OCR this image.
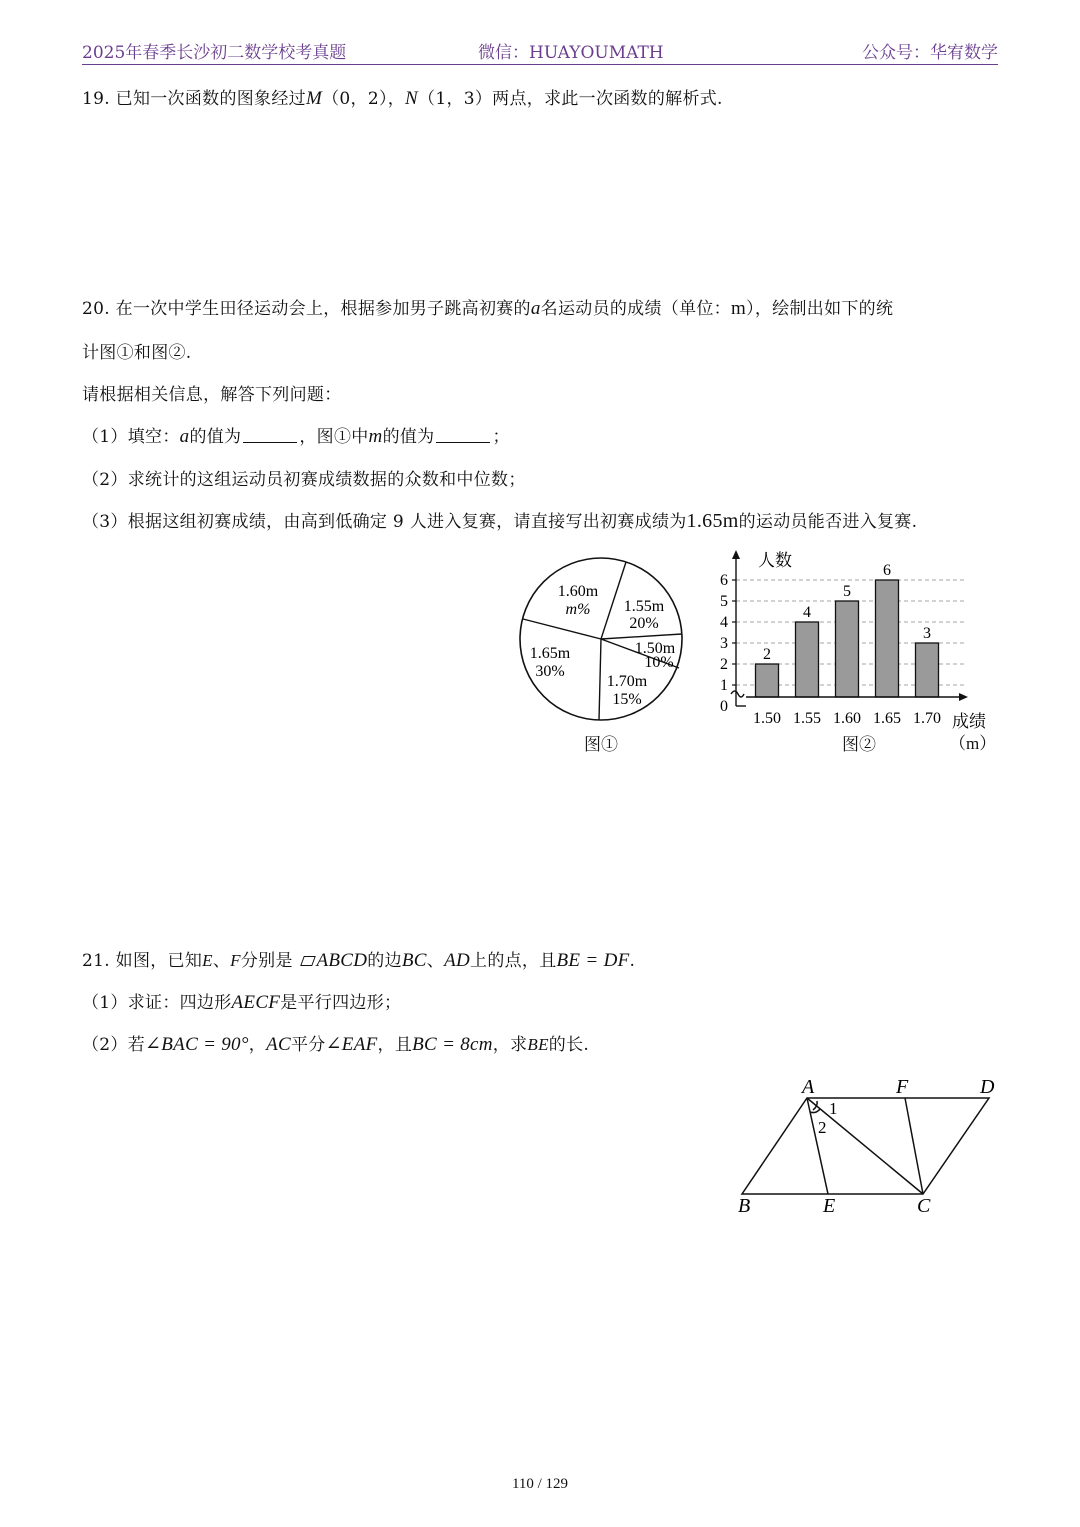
2025年春季长沙初二数学校考真题	微信：HUAYOUMATH	公众号：华宥数学
19. 已知一次函数的图象经过M（0，2），N（1，3）两点，求此一次函数的解析式.
20. 在一次中学生田径运动会上，根据参加男子跳高初赛的a名运动员的成绩（单位：m），绘制出如下的统
计图①和图②.
请根据相关信息，解答下列问题：
（1）填空：a的值为	，图①中m的值为	；
（2）求统计的这组运动员初赛成绩数据的众数和中位数；
（3）根据这组初赛成绩，由高到低确定 9 人进入复赛，请直接写出初赛成绩为1.65m的运动员能否进入复赛.
1.60m
m% 1.55m
20%
1.50m
10%
1.70m
15%
1.65m
30%
图①
0
1
2
3
4
5
6
2
1.50
4
1.55
5
1.60
6
1.65
3
1.70
人数
成绩
（m）
图②
21. 如图，已知E、F分别是 ABCD的边BC、AD上的点，且BE = DF.
（1）求证：四边形AECF是平行四边形；
（2）若∠BAC = 90°，AC平分∠EAF，且BC = 8cm，求BE的长.
A	F	D
B	E	C
1
2
110 / 129
